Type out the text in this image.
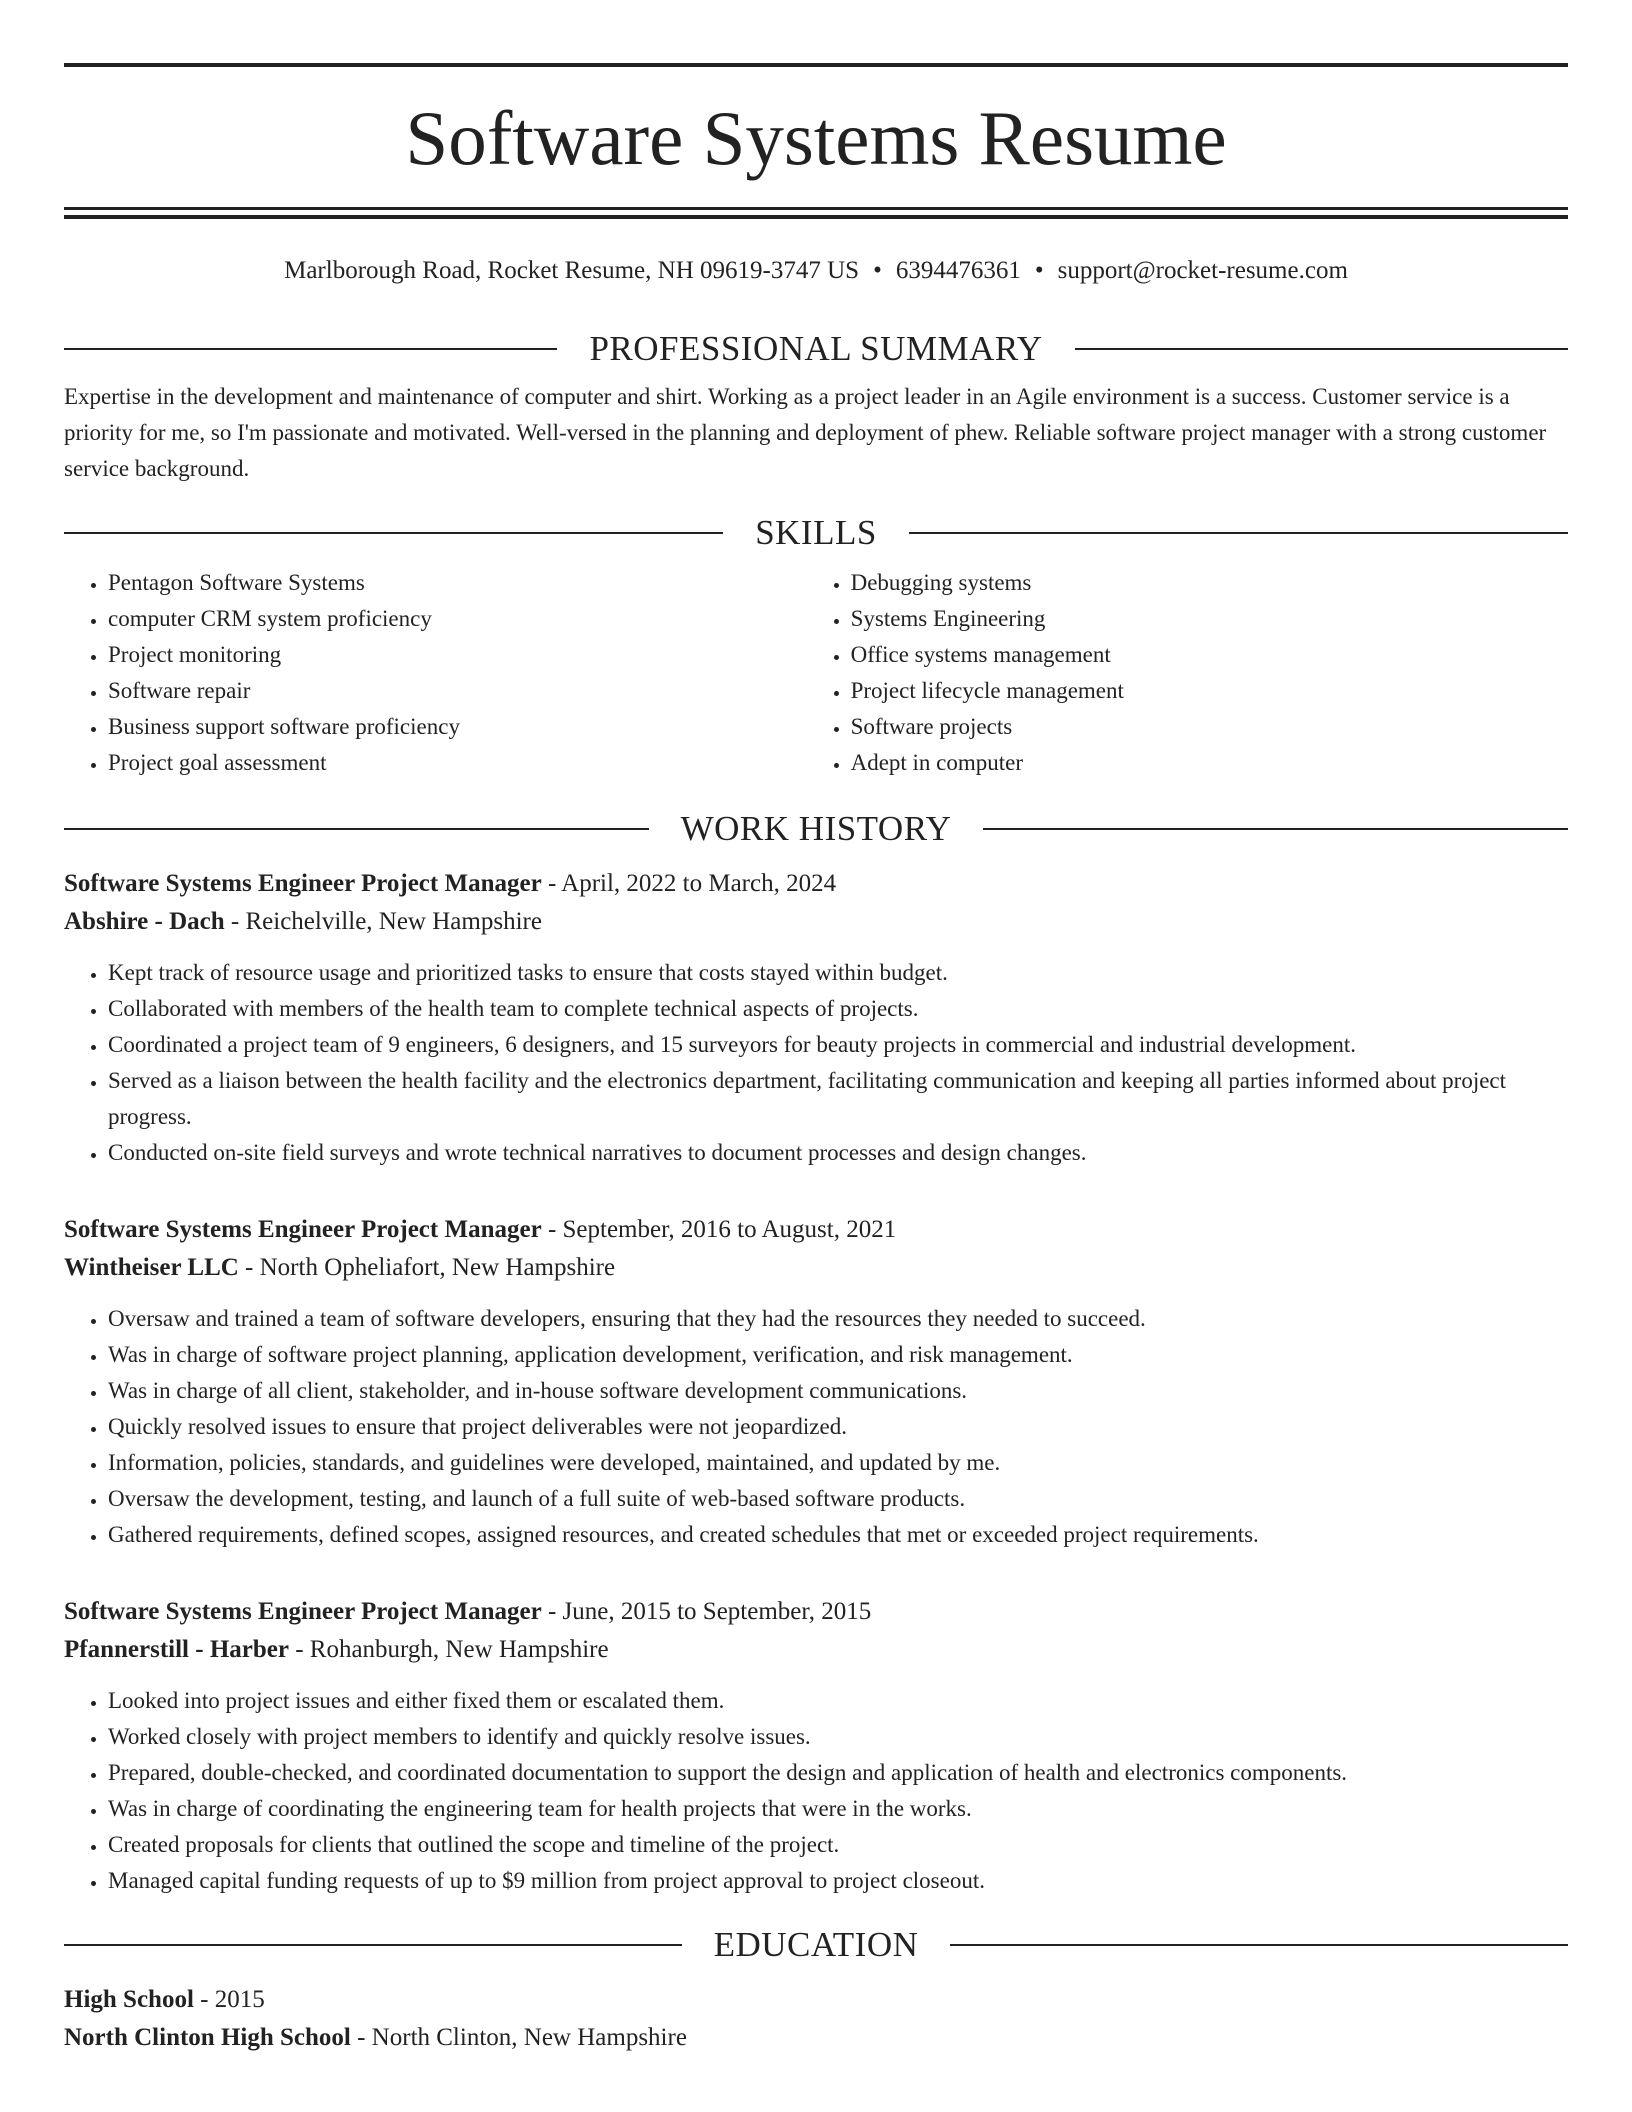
Software Systems Resume
Marlborough Road, Rocket Resume, NH 09619-3747 US • 6394476361 • support@rocket-resume.com
PROFESSIONAL SUMMARY
Expertise in the development and maintenance of computer and shirt. Working as a project leader in an Agile environment is a success. Customer service is a priority for me, so I'm passionate and motivated. Well-versed in the planning and deployment of phew. Reliable software project manager with a strong customer service background.
SKILLS
• Pentagon Software Systems
• computer CRM system proficiency
• Project monitoring
• Software repair
• Business support software proficiency
• Project goal assessment
• Debugging systems
• Systems Engineering
• Office systems management
• Project lifecycle management
• Software projects
• Adept in computer
WORK HISTORY
Software Systems Engineer Project Manager - April, 2022 to March, 2024
Abshire - Dach - Reichelville, New Hampshire
• Kept track of resource usage and prioritized tasks to ensure that costs stayed within budget.
• Collaborated with members of the health team to complete technical aspects of projects.
• Coordinated a project team of 9 engineers, 6 designers, and 15 surveyors for beauty projects in commercial and industrial development.
• Served as a liaison between the health facility and the electronics department, facilitating communication and keeping all parties informed about project progress.
• Conducted on-site field surveys and wrote technical narratives to document processes and design changes.
Software Systems Engineer Project Manager - September, 2016 to August, 2021
Wintheiser LLC - North Opheliafort, New Hampshire
• Oversaw and trained a team of software developers, ensuring that they had the resources they needed to succeed.
• Was in charge of software project planning, application development, verification, and risk management.
• Was in charge of all client, stakeholder, and in-house software development communications.
• Quickly resolved issues to ensure that project deliverables were not jeopardized.
• Information, policies, standards, and guidelines were developed, maintained, and updated by me.
• Oversaw the development, testing, and launch of a full suite of web-based software products.
• Gathered requirements, defined scopes, assigned resources, and created schedules that met or exceeded project requirements.
Software Systems Engineer Project Manager - June, 2015 to September, 2015
Pfannerstill - Harber - Rohanburgh, New Hampshire
• Looked into project issues and either fixed them or escalated them.
• Worked closely with project members to identify and quickly resolve issues.
• Prepared, double-checked, and coordinated documentation to support the design and application of health and electronics components.
• Was in charge of coordinating the engineering team for health projects that were in the works.
• Created proposals for clients that outlined the scope and timeline of the project.
• Managed capital funding requests of up to $9 million from project approval to project closeout.
EDUCATION
High School - 2015
North Clinton High School - North Clinton, New Hampshire
